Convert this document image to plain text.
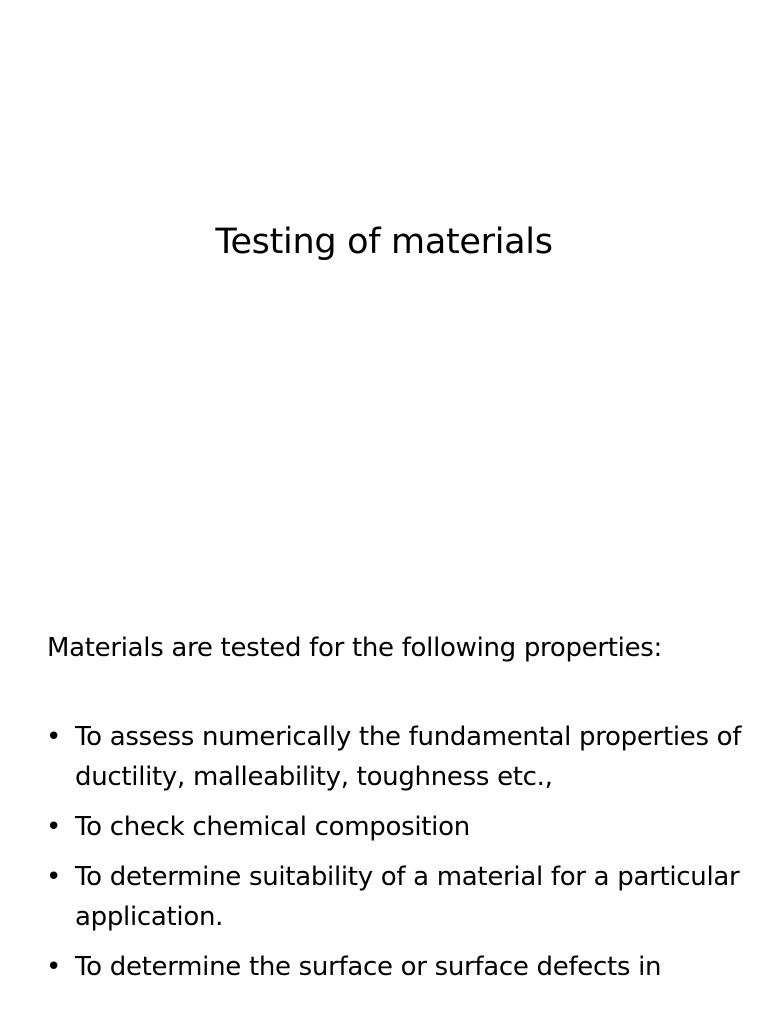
Testing of materials

Materials are tested for the following properties:

• To assess numerically the fundamental properties of ductility, malleability, toughness etc.,
• To check chemical composition
• To determine suitability of a material for a particular application.
• To determine the surface or surface defects in
